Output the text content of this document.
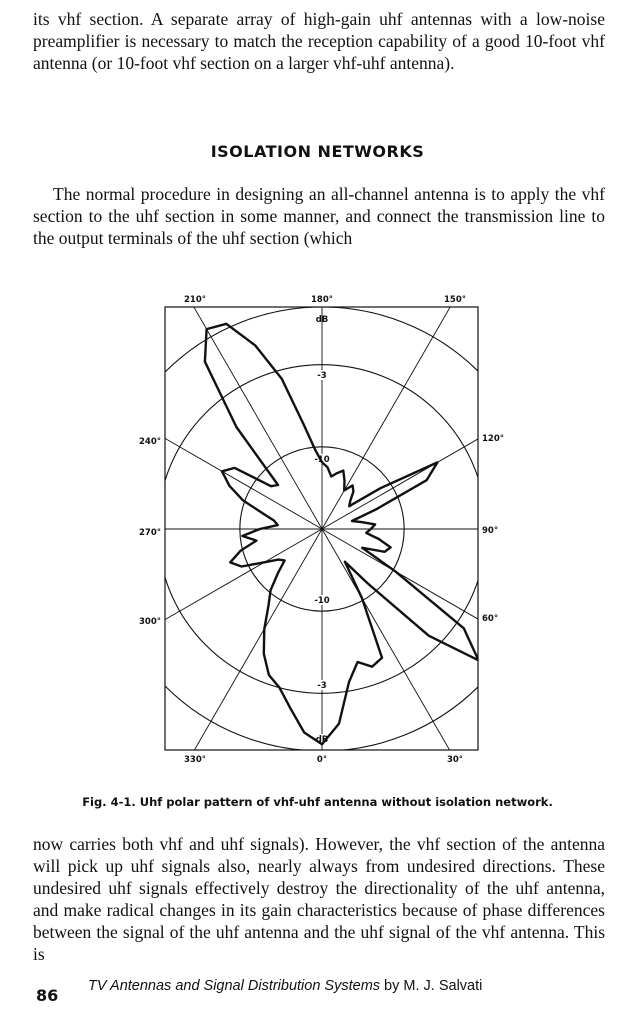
its vhf section. A separate array of high-gain uhf antennas with a low-noise preamplifier is necessary to match the reception capability of a good 10-foot vhf antenna (or 10-foot vhf section on a larger vhf-uhf antenna).

ISOLATION NETWORKS

The normal procedure in designing an all-channel antenna is to apply the vhf section to the uhf section in some manner, and connect the transmission line to the output terminals of the uhf section (which

0°	30°
60°
90°
120°
150°
180°
210°
240°
270°
300°
330°
-10
-3
dB
-10
-3
dB

Fig. 4-1. Uhf polar pattern of vhf-uhf antenna without isolation network.

now carries both vhf and uhf signals). However, the vhf section of the antenna will pick up uhf signals also, nearly always from undesired directions. These undesired uhf signals effectively destroy the directionality of the uhf antenna, and make radical changes in its gain characteristics because of phase differences between the signal of the uhf antenna and the uhf signal of the vhf antenna. This is

86 TV Antennas and Signal Distribution Systems by M. J. Salvati
